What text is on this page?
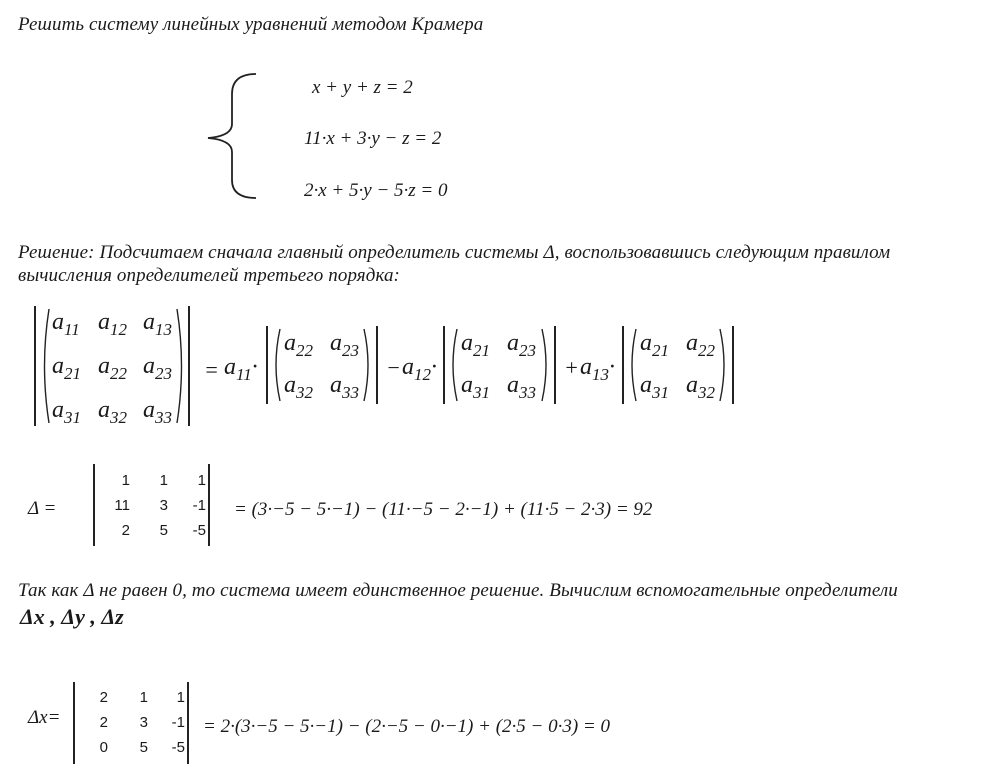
Решить систему линейных уравнений методом Крамера
x + y + z = 2
11·x + 3·y − z = 2
2·x + 5·y − 5·z = 0
Решение: Подсчитаем сначала главный определитель системы Δ, воспользовавшись следующим правилом
вычисления определителей третьего порядка:
= $a_{11}\cdot$	− $a_{12}\cdot$	+ $a_{13}\cdot$
Δ =	= (3·−5 − 5·−1) − (11·−5 − 2·−1) + (11·5 − 2·3) = 92
Так как Δ не равен 0, то система имеет единственное решение. Вычислим вспомогательные определители
Δx , Δy , Δz
Δx=	= 2·(3·−5 − 5·−1) − (2·−5 − 0·−1) + (2·5 − 0·3) = 0
$a_{11}$ $a_{12}$ $a_{13}$
$a_{21}$ $a_{22}$ $a_{23}$
$a_{31}$ $a_{32}$ $a_{33}$
$a_{22}$ $a_{23}$
$a_{32}$ $a_{33}$
$a_{21}$ $a_{23}$
$a_{31}$ $a_{33}$
$a_{21}$ $a_{22}$
$a_{31}$ $a_{32}$
1	1	1
11	3	-1
2	5	-5
2	1	1
2	3	-1
0	5	-5
